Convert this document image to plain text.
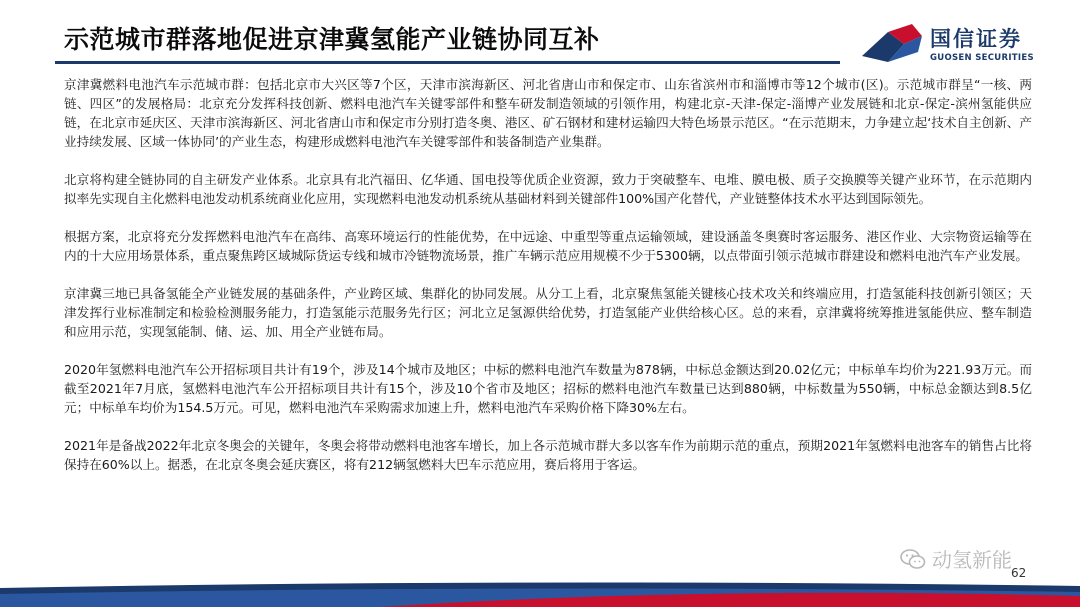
示范城市群落地促进京津冀氢能产业链协同互补	国信证券
GUOSEN SECURITIES

京津冀燃料电池汽车示范城市群：包括北京市大兴区等7个区，天津市滨海新区、河北省唐山市和保定市、山东省滨州市和淄博市等12个城市(区)。示范城市群呈“一核、两链、四区”的发展格局：北京充分发挥科技创新、燃料电池汽车关键零部件和整车研发制造领域的引领作用，构建北京-天津-保定-淄博产业发展链和北京-保定-滨州氢能供应链，在北京市延庆区、天津市滨海新区、河北省唐山市和保定市分别打造冬奥、港区、矿石钢材和建材运输四大特色场景示范区。“在示范期末，力争建立起‘技术自主创新、产业持续发展、区域一体协同’的产业生态，构建形成燃料电池汽车关键零部件和装备制造产业集群。

北京将构建全链协同的自主研发产业体系。北京具有北汽福田、亿华通、国电投等优质企业资源，致力于突破整车、电堆、膜电极、质子交换膜等关键产业环节，在示范期内拟率先实现自主化燃料电池发动机系统商业化应用，实现燃料电池发动机系统从基础材料到关键部件100%国产化替代，产业链整体技术水平达到国际领先。

根据方案，北京将充分发挥燃料电池汽车在高纬、高寒环境运行的性能优势，在中远途、中重型等重点运输领域，建设涵盖冬奥赛时客运服务、港区作业、大宗物资运输等在内的十大应用场景体系，重点聚焦跨区域城际货运专线和城市冷链物流场景，推广车辆示范应用规模不少于5300辆，以点带面引领示范城市群建设和燃料电池汽车产业发展。

京津冀三地已具备氢能全产业链发展的基础条件，产业跨区域、集群化的协同发展。从分工上看，北京聚焦氢能关键核心技术攻关和终端应用，打造氢能科技创新引领区；天津发挥行业标准制定和检验检测服务能力，打造氢能示范服务先行区；河北立足氢源供给优势，打造氢能产业供给核心区。总的来看，京津冀将统筹推进氢能供应、整车制造和应用示范，实现氢能制、储、运、加、用全产业链布局。

2020年氢燃料电池汽车公开招标项目共计有19个，涉及14个城市及地区；中标的燃料电池汽车数量为878辆，中标总金额达到20.02亿元；中标单车均价为221.93万元。而截至2021年7月底，氢燃料电池汽车公开招标项目共计有15个，涉及10个省市及地区；招标的燃料电池汽车数量已达到880辆，中标数量为550辆，中标总金额达到8.5亿元；中标单车均价为154.5万元。可见，燃料电池汽车采购需求加速上升，燃料电池汽车采购价格下降30%左右。

2021年是备战2022年北京冬奥会的关键年，冬奥会将带动燃料电池客车增长，加上各示范城市群大多以客车作为前期示范的重点，预期2021年氢燃料电池客车的销售占比将保持在60%以上。据悉，在北京冬奥会延庆赛区，将有212辆氢燃料大巴车示范应用，赛后将用于客运。

动氢新能
62
